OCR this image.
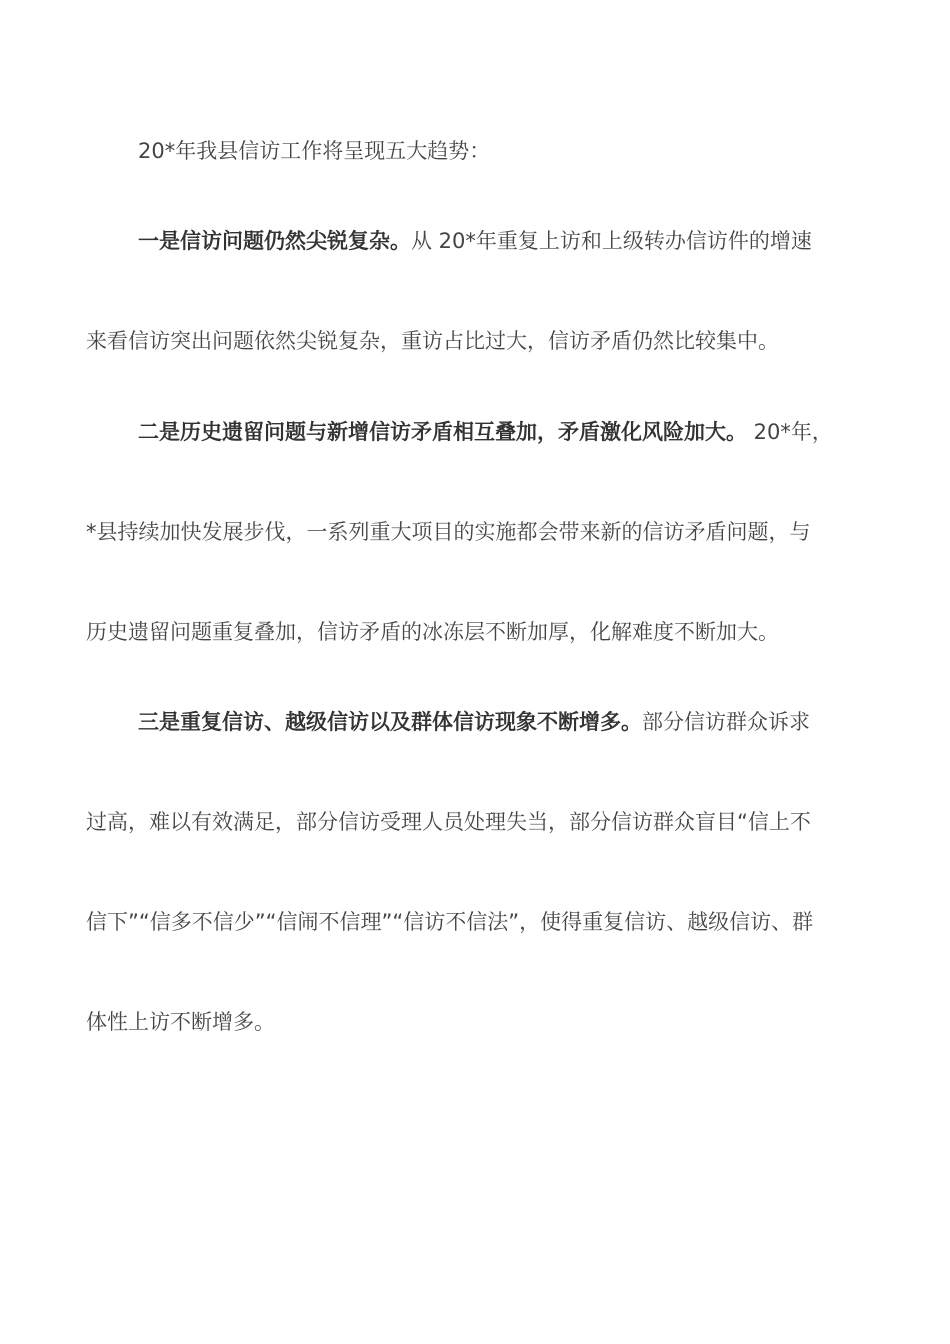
20*年我县信访工作将呈现五大趋势：
一是信访问题仍然尖锐复杂。从 20*年重复上访和上级转办信访件的增速
来看信访突出问题依然尖锐复杂，重访占比过大，信访矛盾仍然比较集中。
二是历史遗留问题与新增信访矛盾相互叠加，矛盾激化风险加大。 20*年，
*县持续加快发展步伐，一系列重大项目的实施都会带来新的信访矛盾问题，与
历史遗留问题重复叠加，信访矛盾的冰冻层不断加厚，化解难度不断加大。
三是重复信访、越级信访以及群体信访现象不断增多。部分信访群众诉求
过高，难以有效满足，部分信访受理人员处理失当，部分信访群众盲目“信上不
信下”“信多不信少”“信闹不信理”“信访不信法”，使得重复信访、越级信访、群
体性上访不断增多。
